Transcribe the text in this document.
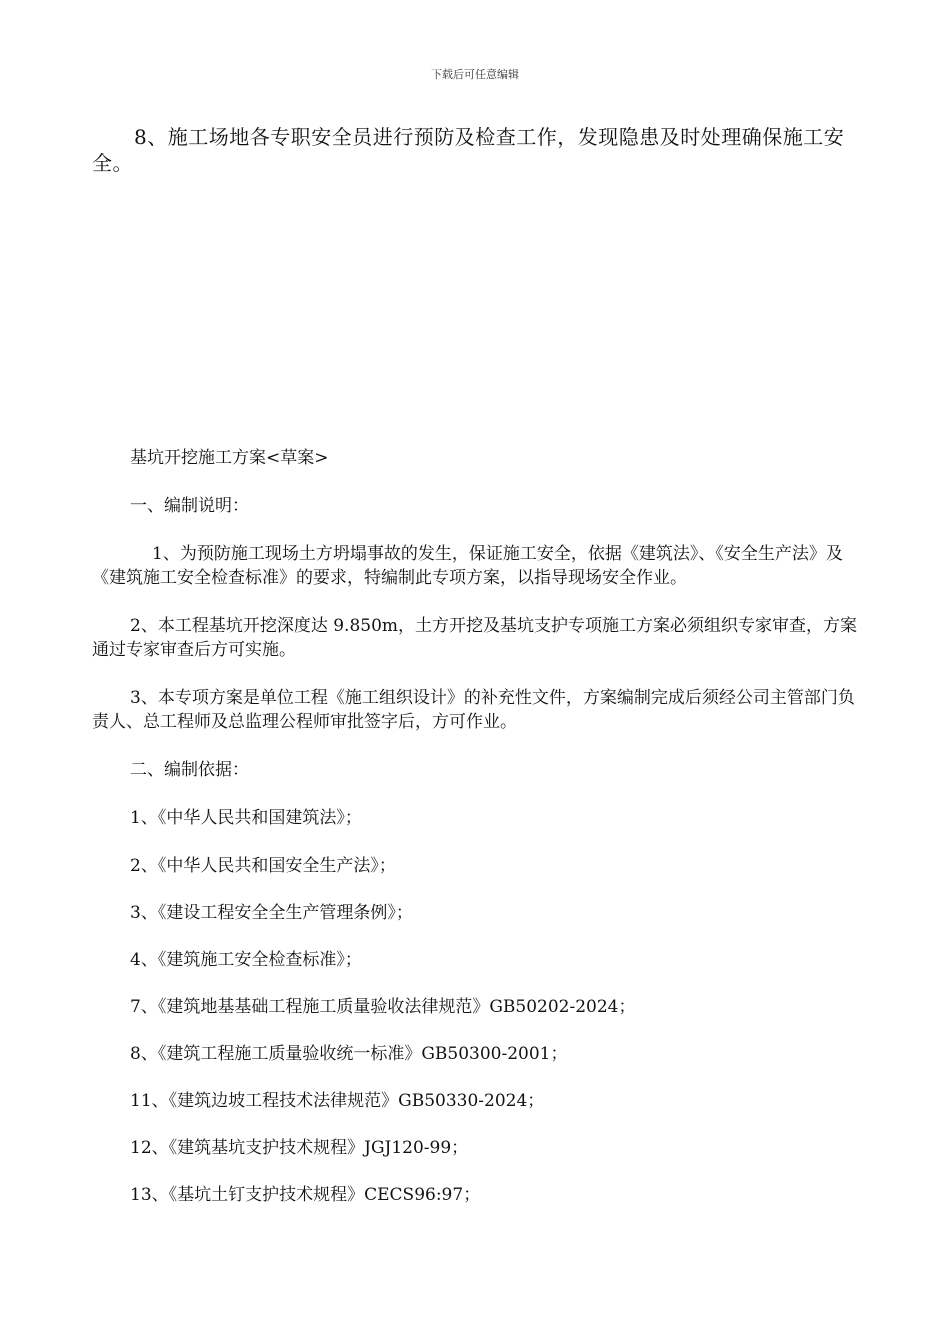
下载后可任意编辑

8、施工场地各专职安全员进行预防及检查工作，发现隐患及时处理确保施工安全。

基坑开挖施工方案<草案>

一、编制说明：

1、为预防施工现场土方坍塌事故的发生，保证施工安全，依据《建筑法》、《安全生产法》及《建筑施工安全检查标准》的要求，特编制此专项方案，以指导现场安全作业。

2、本工程基坑开挖深度达 9.850m，土方开挖及基坑支护专项施工方案必须组织专家审查，方案通过专家审查后方可实施。

3、本专项方案是单位工程《施工组织设计》的补充性文件，方案编制完成后须经公司主管部门负责人、总工程师及总监理公程师审批签字后，方可作业。

二、编制依据：

1、《中华人民共和国建筑法》；

2、《中华人民共和国安全生产法》；

3、《建设工程安全全生产管理条例》；

4、《建筑施工安全检查标准》；

7、《建筑地基基础工程施工质量验收法律规范》GB50202-2024；

8、《建筑工程施工质量验收统一标准》GB50300-2001；

11、《建筑边坡工程技术法律规范》GB50330-2024；

12、《建筑基坑支护技术规程》JGJ120-99；

13、《基坑土钉支护技术规程》CECS96:97；
